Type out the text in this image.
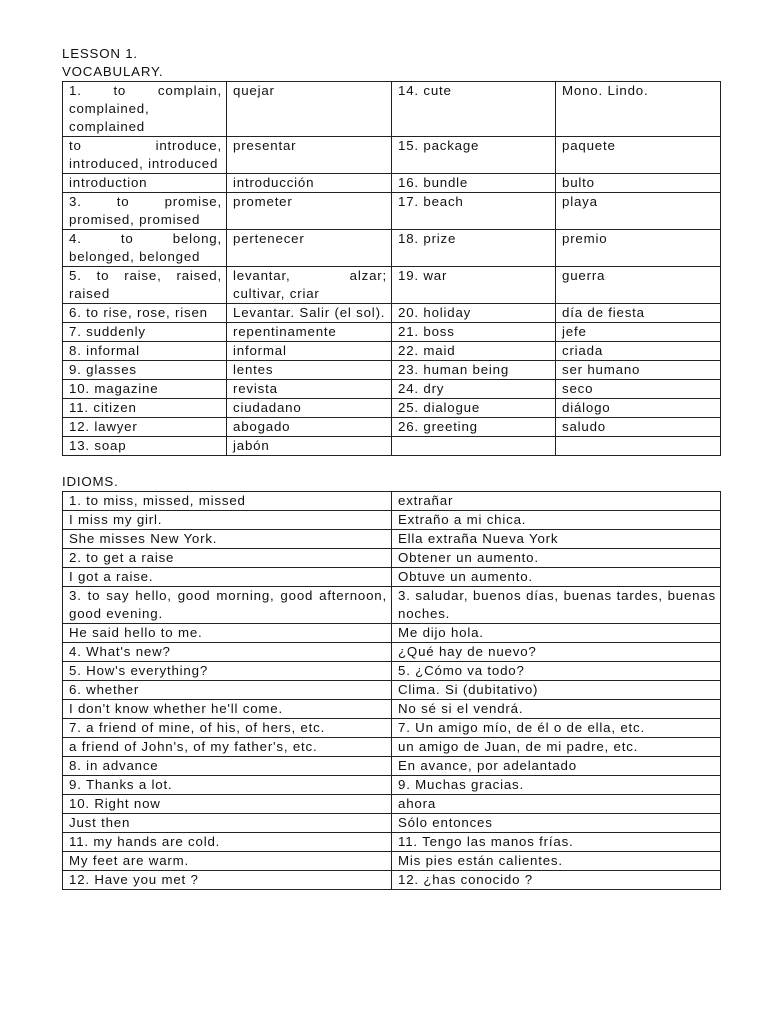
LESSON 1.
VOCABULARY.
1. to complain, complained, complained	quejar	14. cute	Mono. Lindo.
to introduce, introduced, introduced	presentar	15. package	paquete
introduction	introducción	16. bundle	bulto
3. to promise, promised, promised	prometer	17. beach	playa
4. to belong, belonged, belonged	pertenecer	18. prize	premio
5. to raise, raised, raised	levantar, alzar; cultivar, criar	19. war	guerra
6. to rise, rose, risen	Levantar. Salir (el sol).	20. holiday	día de fiesta
7. suddenly	repentinamente	21. boss	jefe
8. informal	informal	22. maid	criada
9. glasses	lentes	23. human being	ser humano
10. magazine	revista	24. dry	seco
11. citizen	ciudadano	25. dialogue	diálogo
12. lawyer	abogado	26. greeting	saludo
13. soap	jabón		
IDIOMS.
1. to miss, missed, missed	extrañar
I miss my girl.	Extraño a mi chica.
She misses New York.	Ella extraña Nueva York
2. to get a raise	Obtener un aumento.
I got a raise.	Obtuve un aumento.
3. to say hello, good morning, good afternoon, good evening.	3. saludar, buenos días, buenas tardes, buenas noches.
He said hello to me.	Me dijo hola.
4. What's new?	¿Qué hay de nuevo?
5. How's everything?	5. ¿Cómo va todo?
6. whether	Clima. Si (dubitativo)
I don't know whether he'll come.	No sé si el vendrá.
7. a friend of mine, of his, of hers, etc.	7. Un amigo mío, de él o de ella, etc.
a friend of John's, of my father's, etc.	un amigo de Juan, de mi padre, etc.
8. in advance	En avance, por adelantado
9. Thanks a lot.	9. Muchas gracias.
10. Right now	ahora
Just then	Sólo entonces
11. my hands are cold.	11. Tengo las manos frías.
My feet are warm.	Mis pies están calientes.
12. Have you met ?	12. ¿has conocido ?
